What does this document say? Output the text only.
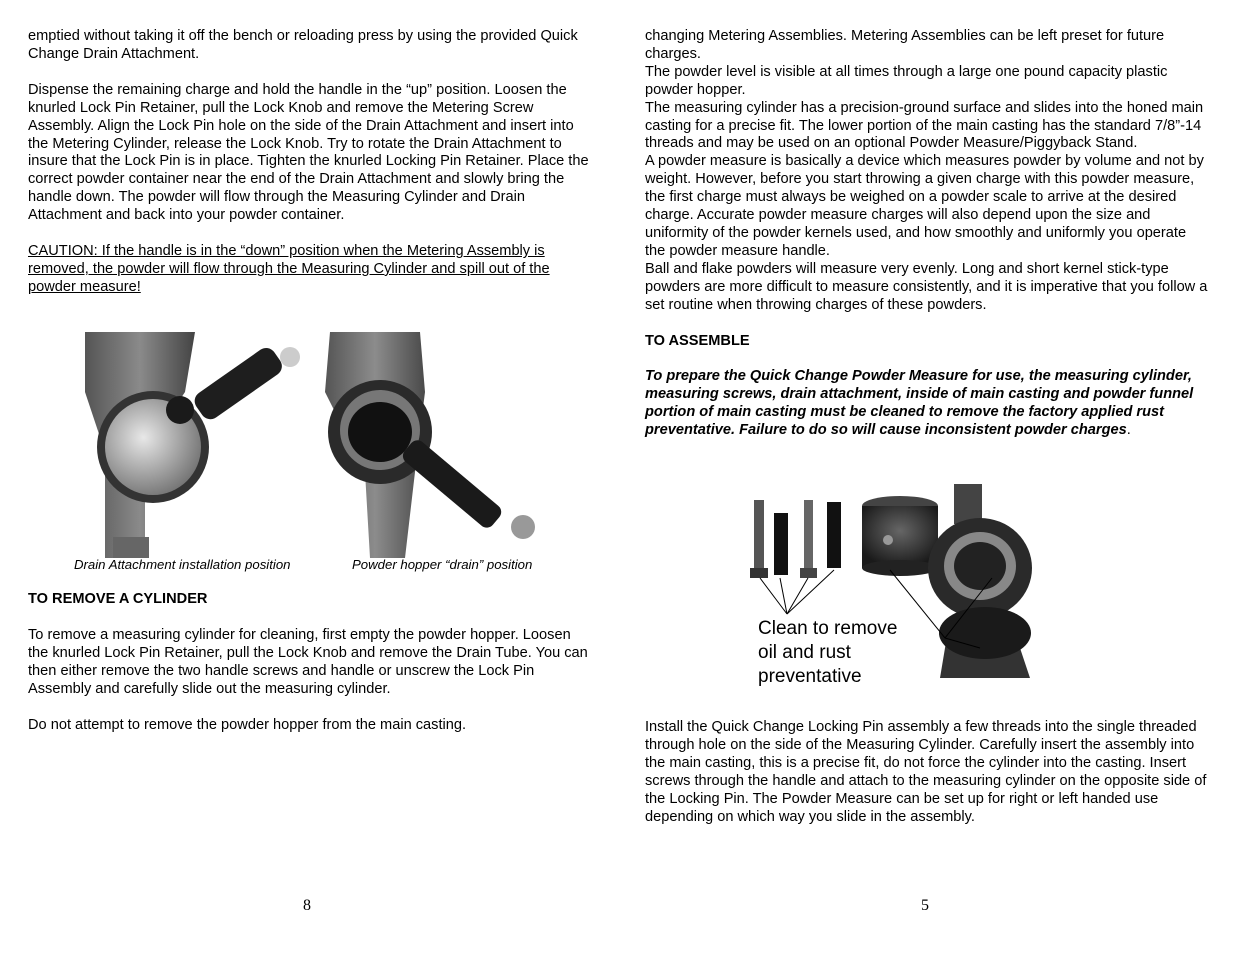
emptied without taking it off the bench or reloading press by using the provided Quick Change Drain Attachment.

Dispense the remaining charge and hold the handle in the “up” position. Loosen the knurled Lock Pin Retainer, pull the Lock Knob and remove the Metering Screw Assembly. Align the Lock Pin hole on the side of the Drain Attachment and insert into the Metering Cylinder, release the Lock Knob. Try to rotate the Drain Attachment to insure that the Lock Pin is in place. Tighten the knurled Locking Pin Retainer. Place the correct powder container near the end of the Drain Attachment and slowly bring the handle down. The powder will flow through the Measuring Cylinder and Drain Attachment and back into your powder container.

CAUTION: If the handle is in the “down” position when the Metering Assembly is removed, the powder will flow through the Measuring Cylinder and spill out of the powder measure!

Drain Attachment installation position	Powder hopper “drain” position

TO REMOVE A CYLINDER

To remove a measuring cylinder for cleaning, first empty the powder hopper. Loosen the knurled Lock Pin Retainer, pull the Lock Knob and remove the Drain Tube. You can then either remove the two handle screws and handle or unscrew the Lock Pin Assembly and carefully slide out the measuring cylinder.

Do not attempt to remove the powder hopper from the main casting.

8

changing Metering Assemblies. Metering Assemblies can be left preset for future charges.

The powder level is visible at all times through a large one pound capacity plastic powder hopper.

The measuring cylinder has a precision-ground surface and slides into the honed main casting for a precise fit. The lower portion of the main casting has the standard 7/8”-14 threads and may be used on an optional Powder Measure/Piggyback Stand.

A powder measure is basically a device which measures powder by volume and not by weight. However, before you start throwing a given charge with this powder measure, the first charge must always be weighed on a powder scale to arrive at the desired charge. Accurate powder measure charges will also depend upon the size and uniformity of the powder kernels used, and how smoothly and uniformly you operate the powder measure handle.

Ball and flake powders will measure very evenly. Long and short kernel stick-type powders are more difficult to measure consistently, and it is imperative that you follow a set routine when throwing charges of these powders.

TO ASSEMBLE

To prepare the Quick Change Powder Measure for use, the measuring cylinder, measuring screws, drain attachment, inside of main casting and powder funnel portion of main casting must be cleaned to remove the factory applied rust preventative. Failure to do so will cause inconsistent powder charges.

Clean to remove
oil and rust
preventative

Install the Quick Change Locking Pin assembly a few threads into the single threaded through hole on the side of the Measuring Cylinder. Carefully insert the assembly into the main casting, this is a precise fit, do not force the cylinder into the casting. Insert screws through the handle and attach to the measuring cylinder on the opposite side of the Locking Pin. The Powder Measure can be set up for right or left handed use depending on which way you slide in the assembly.

5
